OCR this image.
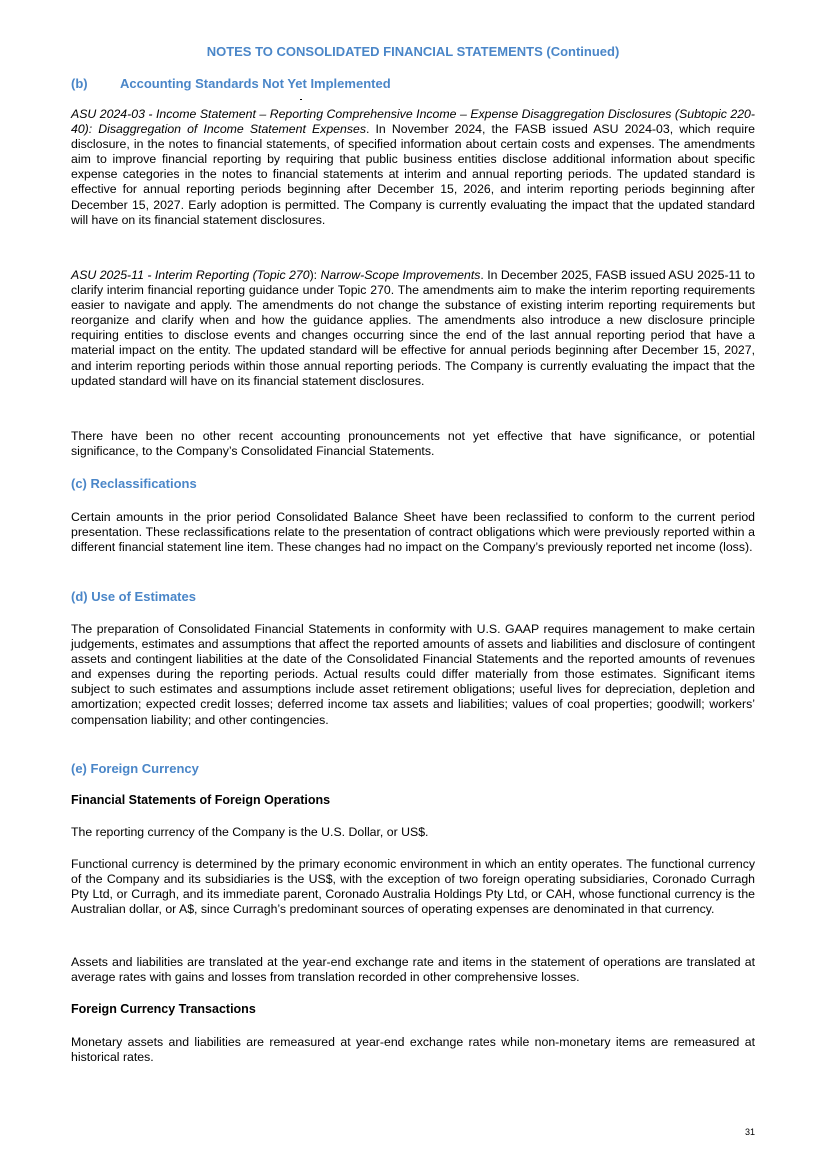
NOTES TO CONSOLIDATED FINANCIAL STATEMENTS (Continued)
(b) Accounting Standards Not Yet Implemented

ASU 2024-03 - Income Statement – Reporting Comprehensive Income – Expense Disaggregation Disclosures (Subtopic 220-40): Disaggregation of Income Statement Expenses. In November 2024, the FASB issued ASU 2024-03, which require disclosure, in the notes to financial statements, of specified information about certain costs and expenses. The amendments aim to improve financial reporting by requiring that public business entities disclose additional information about specific expense categories in the notes to financial statements at interim and annual reporting periods. The updated standard is effective for annual reporting periods beginning after December 15, 2026, and interim reporting periods beginning after December 15, 2027. Early adoption is permitted. The Company is currently evaluating the impact that the updated standard will have on its financial statement disclosures.

ASU 2025-11 - Interim Reporting (Topic 270): Narrow-Scope Improvements. In December 2025, FASB issued ASU 2025-11 to clarify interim financial reporting guidance under Topic 270. The amendments aim to make the interim reporting requirements easier to navigate and apply. The amendments do not change the substance of existing interim reporting requirements but reorganize and clarify when and how the guidance applies. The amendments also introduce a new disclosure principle requiring entities to disclose events and changes occurring since the end of the last annual reporting period that have a material impact on the entity. The updated standard will be effective for annual periods beginning after December 15, 2027, and interim reporting periods within those annual reporting periods. The Company is currently evaluating the impact that the updated standard will have on its financial statement disclosures.

There have been no other recent accounting pronouncements not yet effective that have significance, or potential significance, to the Company’s Consolidated Financial Statements.

(c) Reclassifications

Certain amounts in the prior period Consolidated Balance Sheet have been reclassified to conform to the current period presentation. These reclassifications relate to the presentation of contract obligations which were previously reported within a different financial statement line item. These changes had no impact on the Company’s previously reported net income (loss).

(d) Use of Estimates

The preparation of Consolidated Financial Statements in conformity with U.S. GAAP requires management to make certain judgements, estimates and assumptions that affect the reported amounts of assets and liabilities and disclosure of contingent assets and contingent liabilities at the date of the Consolidated Financial Statements and the reported amounts of revenues and expenses during the reporting periods. Actual results could differ materially from those estimates. Significant items subject to such estimates and assumptions include asset retirement obligations; useful lives for depreciation, depletion and amortization; expected credit losses; deferred income tax assets and liabilities; values of coal properties; goodwill; workers’ compensation liability; and other contingencies.

(e) Foreign Currency
Financial Statements of Foreign Operations

The reporting currency of the Company is the U.S. Dollar, or US$.

Functional currency is determined by the primary economic environment in which an entity operates. The functional currency of the Company and its subsidiaries is the US$, with the exception of two foreign operating subsidiaries, Coronado Curragh Pty Ltd, or Curragh, and its immediate parent, Coronado Australia Holdings Pty Ltd, or CAH, whose functional currency is the Australian dollar, or A$, since Curragh’s predominant sources of operating expenses are denominated in that currency.

Assets and liabilities are translated at the year-end exchange rate and items in the statement of operations are translated at average rates with gains and losses from translation recorded in other comprehensive losses.

Foreign Currency Transactions

Monetary assets and liabilities are remeasured at year-end exchange rates while non-monetary items are remeasured at historical rates.

31
